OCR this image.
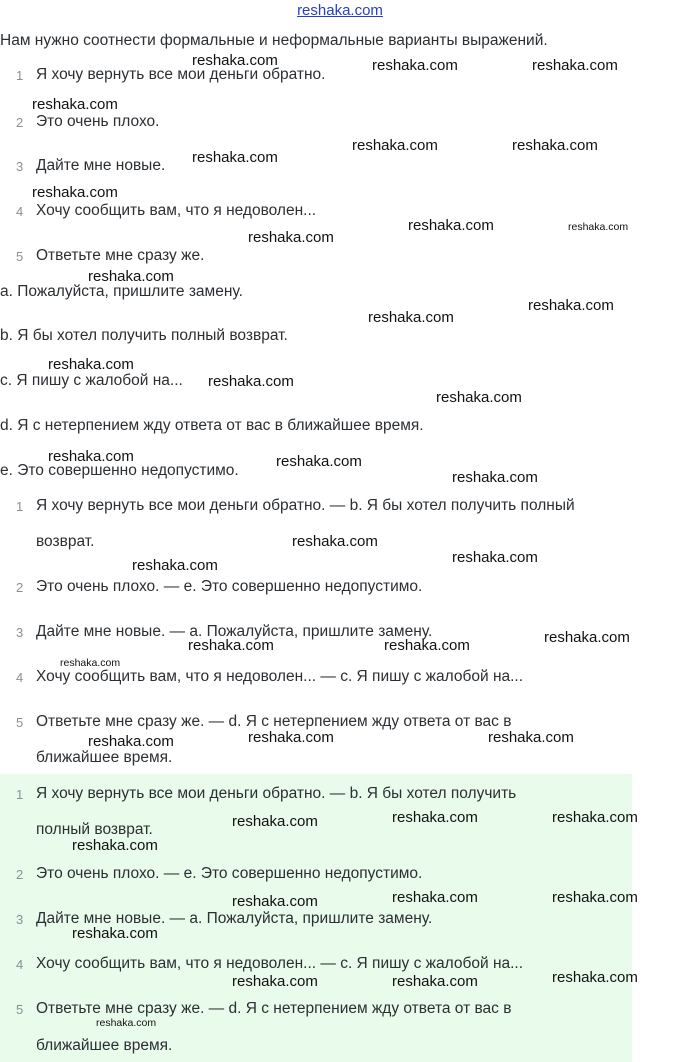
reshaka.com
Нам нужно соотнести формальные и неформальные варианты выражений.
1 Я хочу вернуть все мои деньги обратно.
2 Это очень плохо.
3 Дайте мне новые.
4 Хочу сообщить вам, что я недоволен...
5 Ответьте мне сразу же.
a. Пожалуйста, пришлите замену.
b. Я бы хотел получить полный возврат.
c. Я пишу с жалобой на...
d. Я с нетерпением жду ответа от вас в ближайшее время.
e. Это совершенно недопустимо.
1 Я хочу вернуть все мои деньги обратно. — b. Я бы хотел получить полный
возврат.
2 Это очень плохо. — e. Это совершенно недопустимо.
3 Дайте мне новые. — a. Пожалуйста, пришлите замену.
4 Хочу сообщить вам, что я недоволен... — c. Я пишу с жалобой на...
5 Ответьте мне сразу же. — d. Я с нетерпением жду ответа от вас в
ближайшее время.
1 Я хочу вернуть все мои деньги обратно. — b. Я бы хотел получить
полный возврат.
2 Это очень плохо. — e. Это совершенно недопустимо.
3 Дайте мне новые. — a. Пожалуйста, пришлите замену.
4 Хочу сообщить вам, что я недоволен... — c. Я пишу с жалобой на...
5 Ответьте мне сразу же. — d. Я с нетерпением жду ответа от вас в
ближайшее время.
reshaka.com	reshaka.com	reshaka.com
reshaka.com
reshaka.com	reshaka.com
reshaka.com
reshaka.com
reshaka.com	reshaka.com
reshaka.com
reshaka.com
reshaka.com
reshaka.com
reshaka.com
reshaka.com
reshaka.com
reshaka.com	reshaka.com
reshaka.com
reshaka.com
reshaka.com
reshaka.com
reshaka.com
reshaka.com	reshaka.com
reshaka.com
reshaka.com	reshaka.com
reshaka.com
reshaka.com	reshaka.com
reshaka.com
reshaka.com
reshaka.com	reshaka.com
reshaka.com
reshaka.com
reshaka.com
reshaka.com	reshaka.com
reshaka.com
